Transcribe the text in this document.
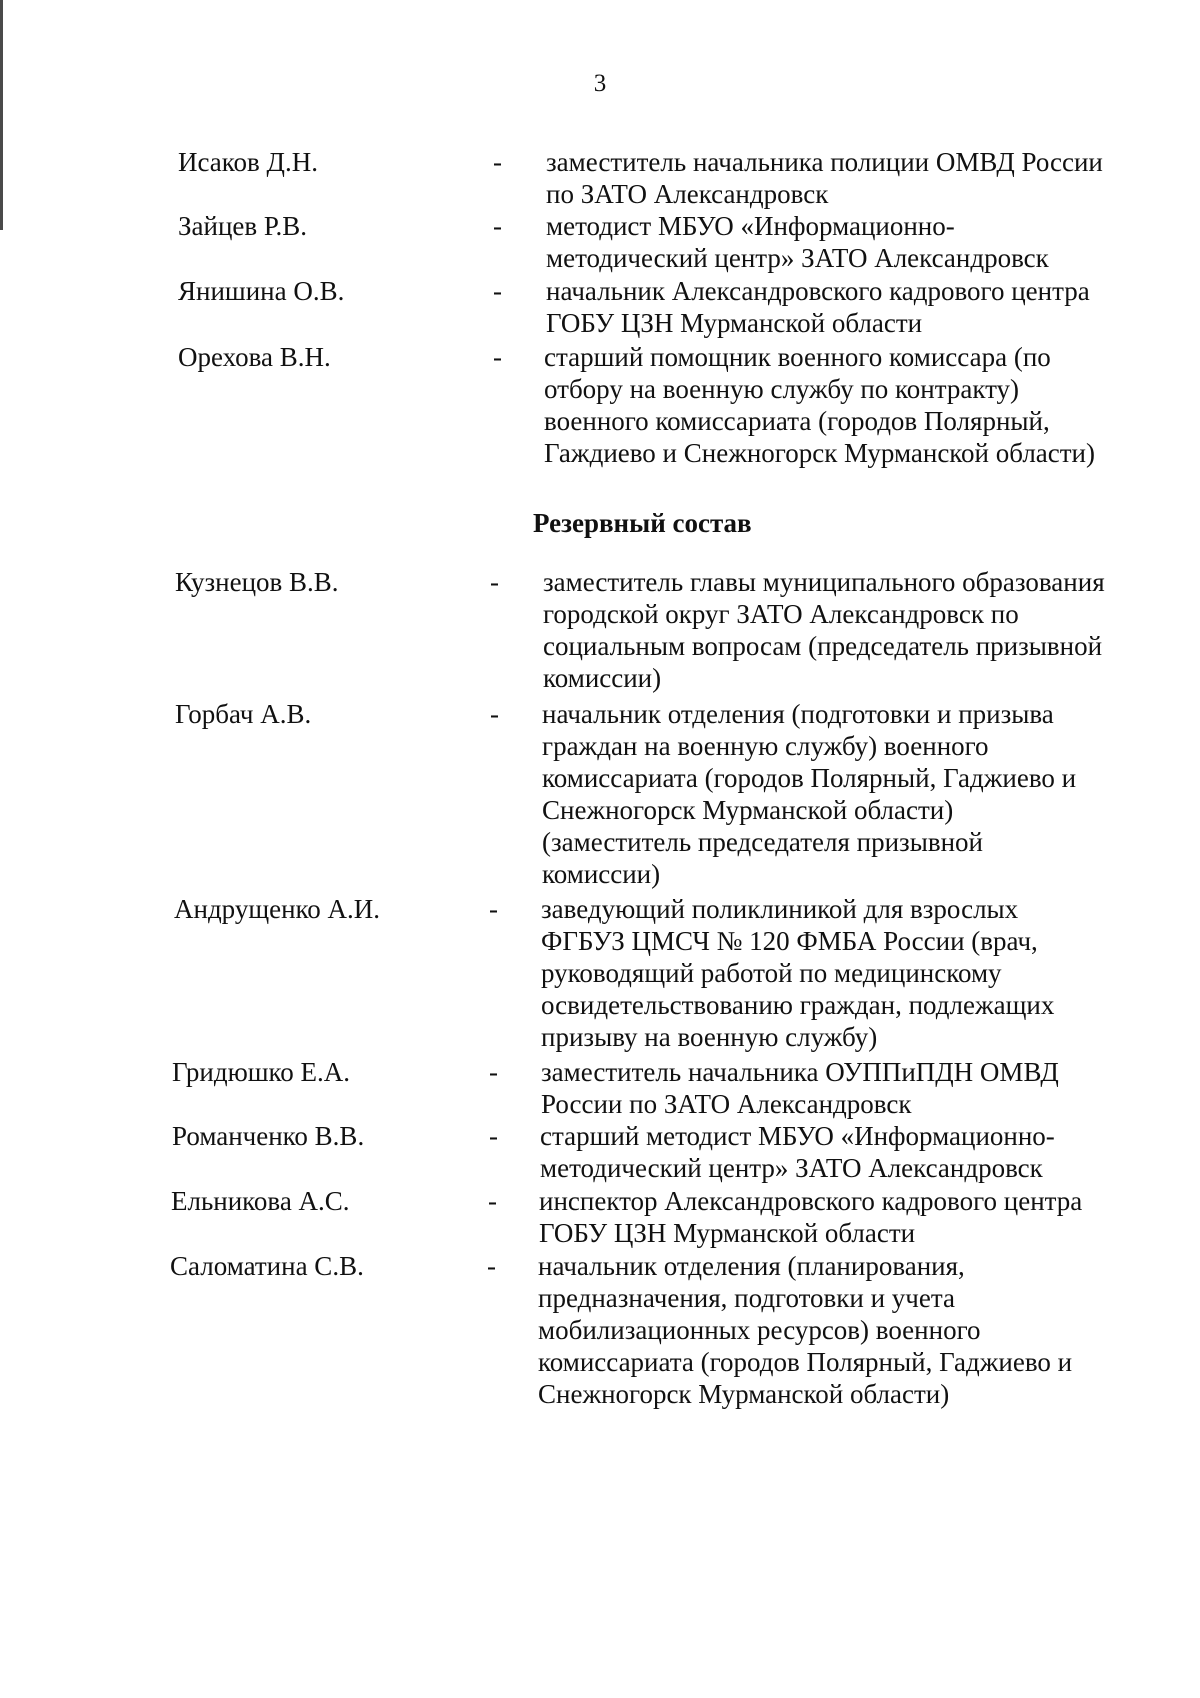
3
Исаков Д.Н.	- заместитель начальника полиции ОМВД России
по ЗАТО Александровск
Зайцев Р.В.	- методист МБУО «Информационно-
методический центр» ЗАТО Александровск
Янишина О.В.	- начальник Александровского кадрового центра
ГОБУ ЦЗН Мурманской области
Орехова В.Н.	- старший помощник военного комиссара (по
отбору на военную службу по контракту)
военного комиссариата (городов Полярный,
Гаждиево и Снежногорск Мурманской области)
Резервный состав
Кузнецов В.В.	- заместитель главы муниципального образования
городской округ ЗАТО Александровск по
социальным вопросам (председатель призывной
комиссии)
Горбач А.В.	- начальник отделения (подготовки и призыва
граждан на военную службу) военного
комиссариата (городов Полярный, Гаджиево и
Снежногорск Мурманской области)
(заместитель председателя призывной
комиссии)
Андрущенко А.И.	- заведующий поликлиникой для взрослых
ФГБУЗ ЦМСЧ № 120 ФМБА России (врач,
руководящий работой по медицинскому
освидетельствованию граждан, подлежащих
призыву на военную службу)
Гридюшко Е.А.	- заместитель начальника ОУППиПДН ОМВД
России по ЗАТО Александровск
Романченко В.В.	- старший методист МБУО «Информационно-
методический центр» ЗАТО Александровск
Ельникова А.С.	- инспектор Александровского кадрового центра
ГОБУ ЦЗН Мурманской области
Саломатина С.В.	- начальник отделения (планирования,
предназначения, подготовки и учета
мобилизационных ресурсов) военного
комиссариата (городов Полярный, Гаджиево и
Снежногорск Мурманской области)
